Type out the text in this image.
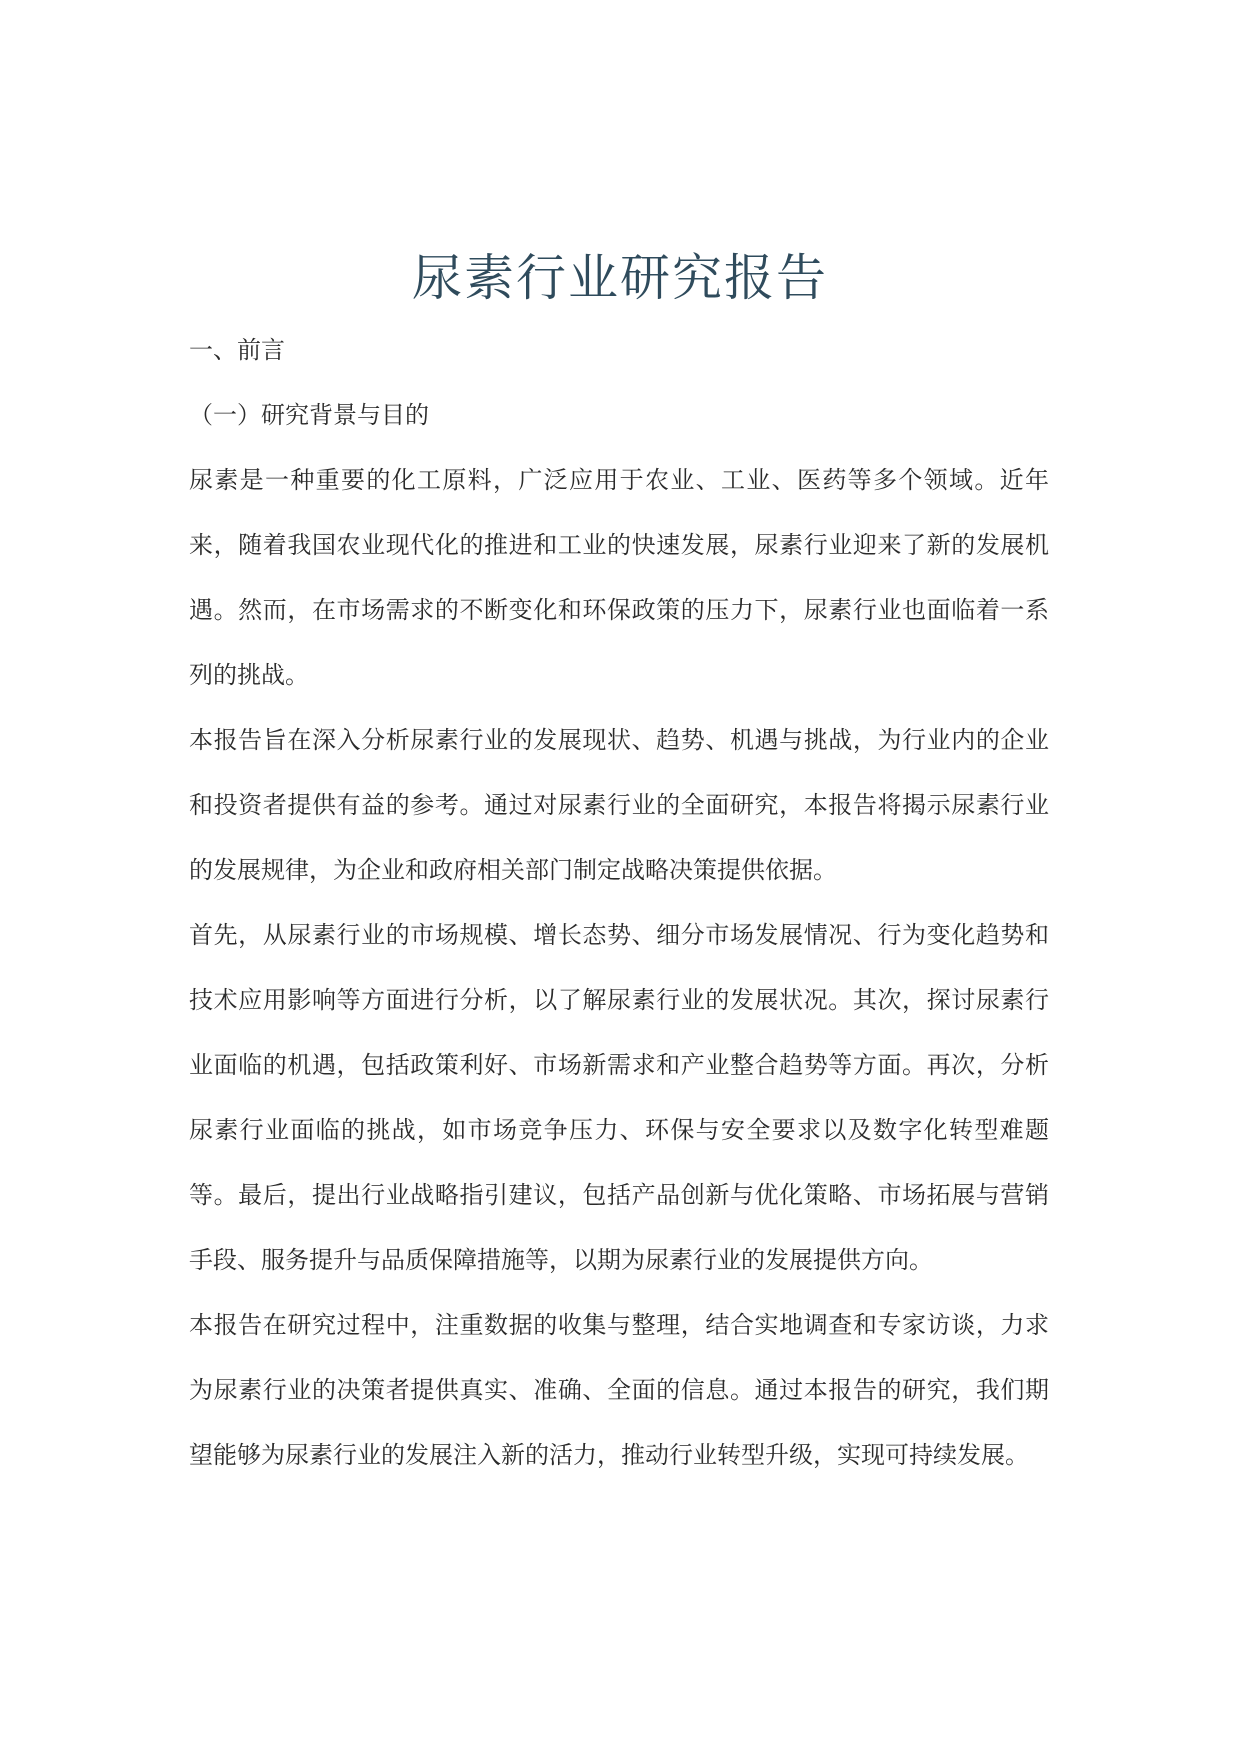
尿素行业研究报告
一、前言
（一）研究背景与目的

尿素是一种重要的化工原料，广泛应用于农业、工业、医药等多个领域。近年来，随着我国农业现代化的推进和工业的快速发展，尿素行业迎来了新的发展机遇。然而，在市场需求的不断变化和环保政策的压力下，尿素行业也面临着一系列的挑战。

本报告旨在深入分析尿素行业的发展现状、趋势、机遇与挑战，为行业内的企业和投资者提供有益的参考。通过对尿素行业的全面研究，本报告将揭示尿素行业的发展规律，为企业和政府相关部门制定战略决策提供依据。

首先，从尿素行业的市场规模、增长态势、细分市场发展情况、行为变化趋势和技术应用影响等方面进行分析，以了解尿素行业的发展状况。其次，探讨尿素行业面临的机遇，包括政策利好、市场新需求和产业整合趋势等方面。再次，分析尿素行业面临的挑战，如市场竞争压力、环保与安全要求以及数字化转型难题等。最后，提出行业战略指引建议，包括产品创新与优化策略、市场拓展与营销手段、服务提升与品质保障措施等，以期为尿素行业的发展提供方向。

本报告在研究过程中，注重数据的收集与整理，结合实地调查和专家访谈，力求为尿素行业的决策者提供真实、准确、全面的信息。通过本报告的研究，我们期望能够为尿素行业的发展注入新的活力，推动行业转型升级，实现可持续发展。
